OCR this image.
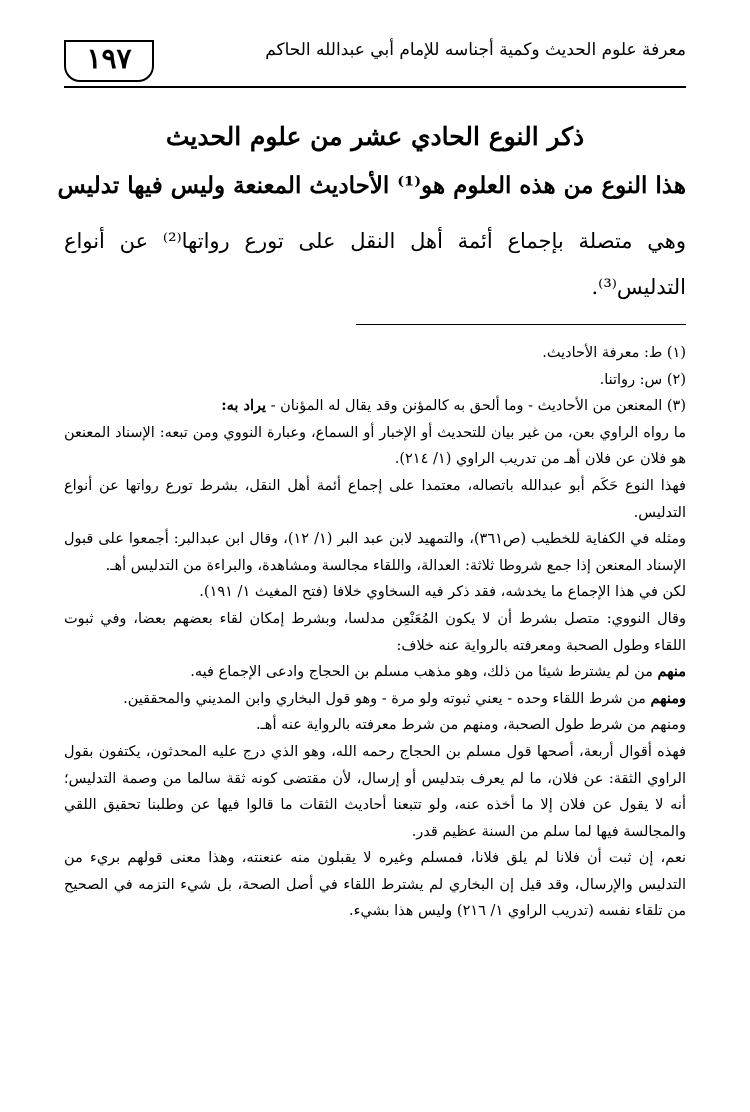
معرفة علوم الحديث وكمية أجناسه للإمام أبي عبدالله الحاكم
١٩٧
ذكر النوع الحادي عشر من علوم الحديث
هذا النوع من هذه العلوم هو⁽¹⁾ الأحاديث المعنعة وليس فيها تدليس
وهي متصلة بإجماع أئمة أهل النقل على تورع رواتها⁽²⁾ عن أنواع التدليس⁽³⁾.

(١) ط: معرفة الأحاديث.

(٢) س: رواتنا.

(٣) المعنعن من الأحاديث - وما ألحق به كالمؤنن وقد يقال له المؤنان - يراد به:

ما رواه الراوي بعن، من غير بيان للتحديث أو الإخبار أو السماع، وعبارة النووي ومن تبعه: الإسناد المعنعن هو فلان عن فلان أهـ من تدريب الراوي (١/ ٢١٤).

فهذا النوع حَكَم أبو عبدالله باتصاله، معتمدا على إجماع أئمة أهل النقل، بشرط تورع رواتها عن أنواع التدليس.

ومثله في الكفاية للخطيب (ص٣٦١)، والتمهيد لابن عبد البر (١/ ١٢)، وقال ابن عبدالبر: أجمعوا على قبول الإسناد المعنعن إذا جمع شروطا ثلاثة: العدالة، واللقاء مجالسة ومشاهدة، والبراءة من التدليس أهـ.

لكن في هذا الإجماع ما يخدشه، فقد ذكر فيه السخاوي خلافا (فتح المغيث ١/ ١٩١).

وقال النووي: متصل بشرط أن لا يكون المُعَنْعِن مدلسا، وبشرط إمكان لقاء بعضهم بعضا، وفي ثبوت اللقاء وطول الصحبة ومعرفته بالرواية عنه خلاف:

منهم من لم يشترط شيئا من ذلك، وهو مذهب مسلم بن الحجاج وادعى الإجماع فيه.

ومنهم من شرط اللقاء وحده - يعني ثبوته ولو مرة - وهو قول البخاري وابن المديني والمحققين.

ومنهم من شرط طول الصحبة، ومنهم من شرط معرفته بالرواية عنه أهـ.

فهذه أقوال أربعة، أصحها قول مسلم بن الحجاج رحمه الله، وهو الذي درج عليه المحدثون، يكتفون بقول الراوي الثقة: عن فلان، ما لم يعرف بتدليس أو إرسال، لأن مقتضى كونه ثقة سالما من وصمة التدليس؛ أنه لا يقول عن فلان إلا ما أخذه عنه، ولو تتبعنا أحاديث الثقات ما قالوا فيها عن وطلبنا تحقيق اللقي والمجالسة فيها لما سلم من السنة عظيم قدر.

نعم، إن ثبت أن فلانا لم يلق فلانا، فمسلم وغيره لا يقبلون منه عنعنته، وهذا معنى قولهم بريء من التدليس والإرسال، وقد قيل إن البخاري لم يشترط اللقاء في أصل الصحة، بل شيء التزمه في الصحيح من تلقاء نفسه (تدريب الراوي ١/ ٢١٦) وليس هذا بشيء.
